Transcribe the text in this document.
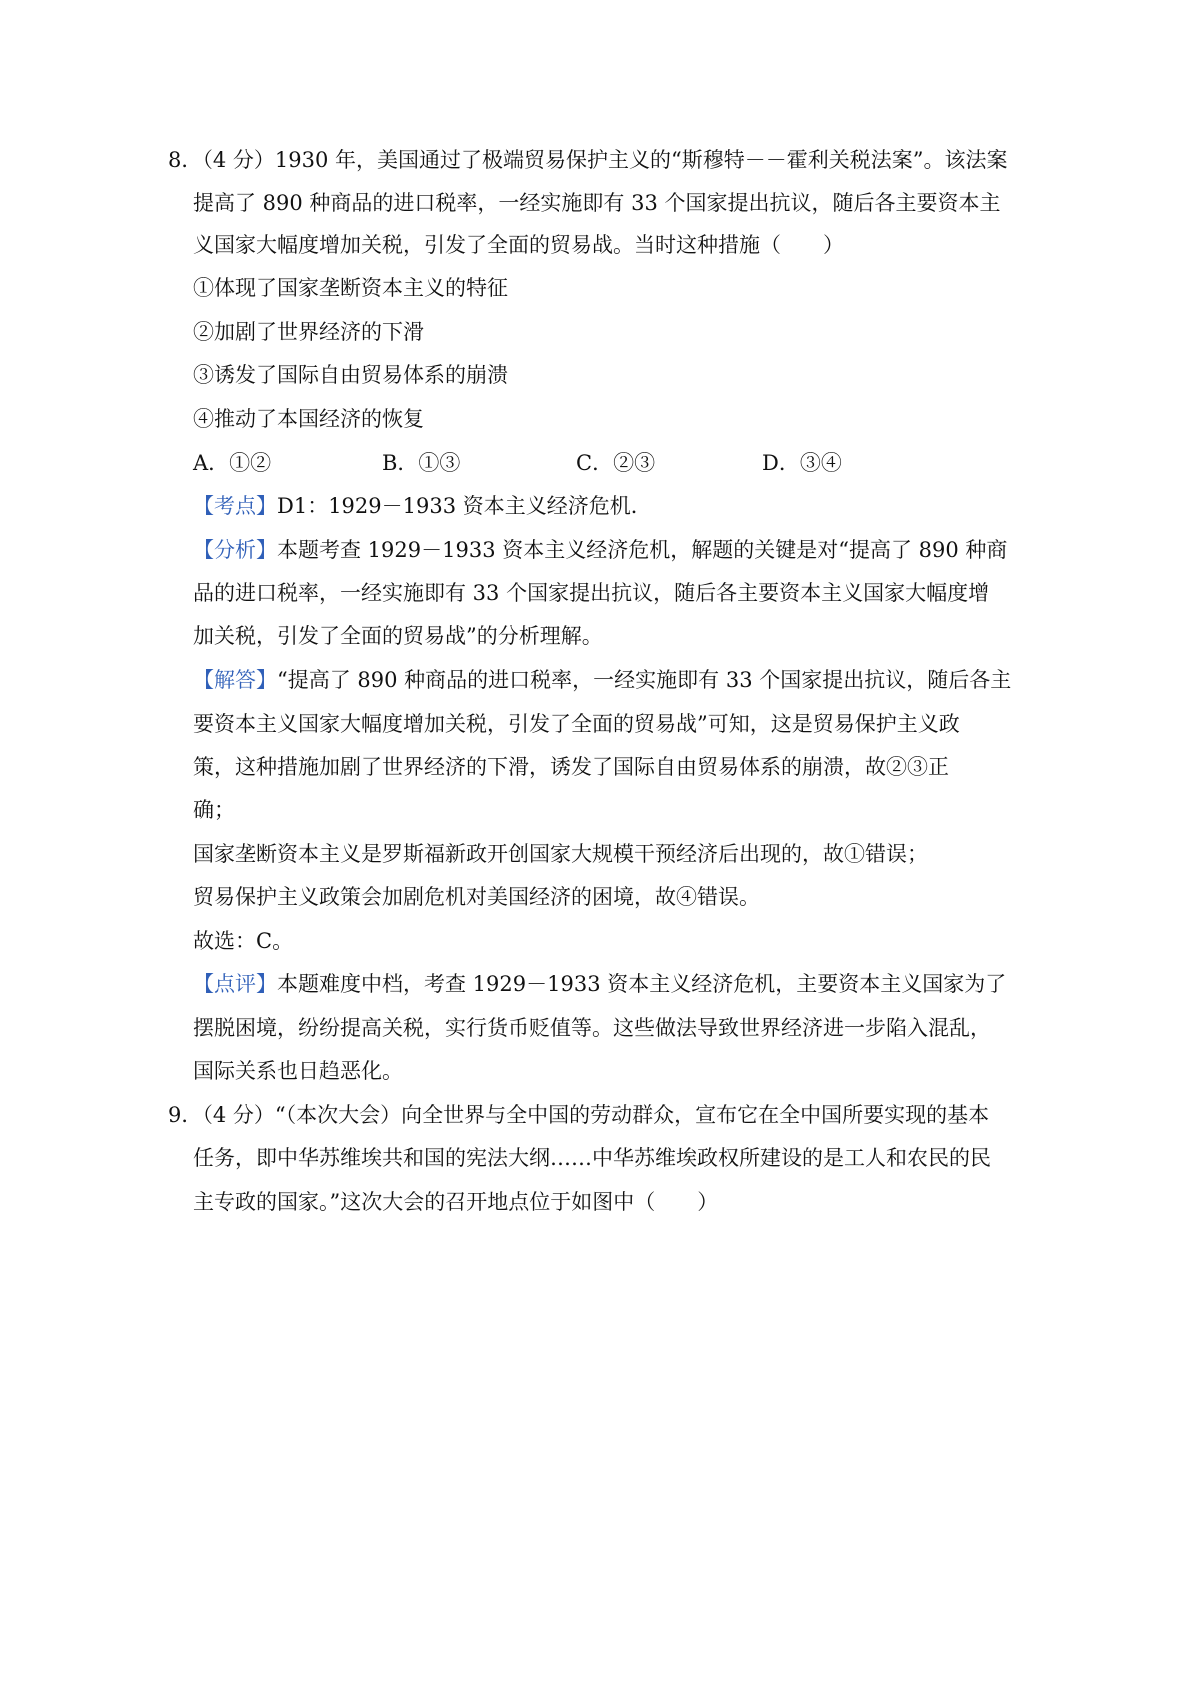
8．（4 分）1930 年，美国通过了极端贸易保护主义的“斯穆特－－霍利关税法案”。该法案
提高了 890 种商品的进口税率，一经实施即有 33 个国家提出抗议，随后各主要资本主
义国家大幅度增加关税，引发了全面的贸易战。当时这种措施（　　）
①体现了国家垄断资本主义的特征
②加剧了世界经济的下滑
③诱发了国际自由贸易体系的崩溃
④推动了本国经济的恢复
A．①②	B．①③	C．②③	D．③④
【考点】D1：1929－1933 资本主义经济危机．
【分析】本题考查 1929－1933 资本主义经济危机，解题的关键是对“提高了 890 种商
品的进口税率，一经实施即有 33 个国家提出抗议，随后各主要资本主义国家大幅度增
加关税，引发了全面的贸易战”的分析理解。
【解答】“提高了 890 种商品的进口税率，一经实施即有 33 个国家提出抗议，随后各主
要资本主义国家大幅度增加关税，引发了全面的贸易战”可知，这是贸易保护主义政
策，这种措施加剧了世界经济的下滑，诱发了国际自由贸易体系的崩溃，故②③正
确；
国家垄断资本主义是罗斯福新政开创国家大规模干预经济后出现的，故①错误；
贸易保护主义政策会加剧危机对美国经济的困境，故④错误。
故选：C。
【点评】本题难度中档，考查 1929－1933 资本主义经济危机，主要资本主义国家为了
摆脱困境，纷纷提高关税，实行货币贬值等。这些做法导致世界经济进一步陷入混乱，
国际关系也日趋恶化。
9．（4 分）“（本次大会）向全世界与全中国的劳动群众，宣布它在全中国所要实现的基本
任务，即中华苏维埃共和国的宪法大纲……中华苏维埃政权所建设的是工人和农民的民
主专政的国家。”这次大会的召开地点位于如图中（　　）
